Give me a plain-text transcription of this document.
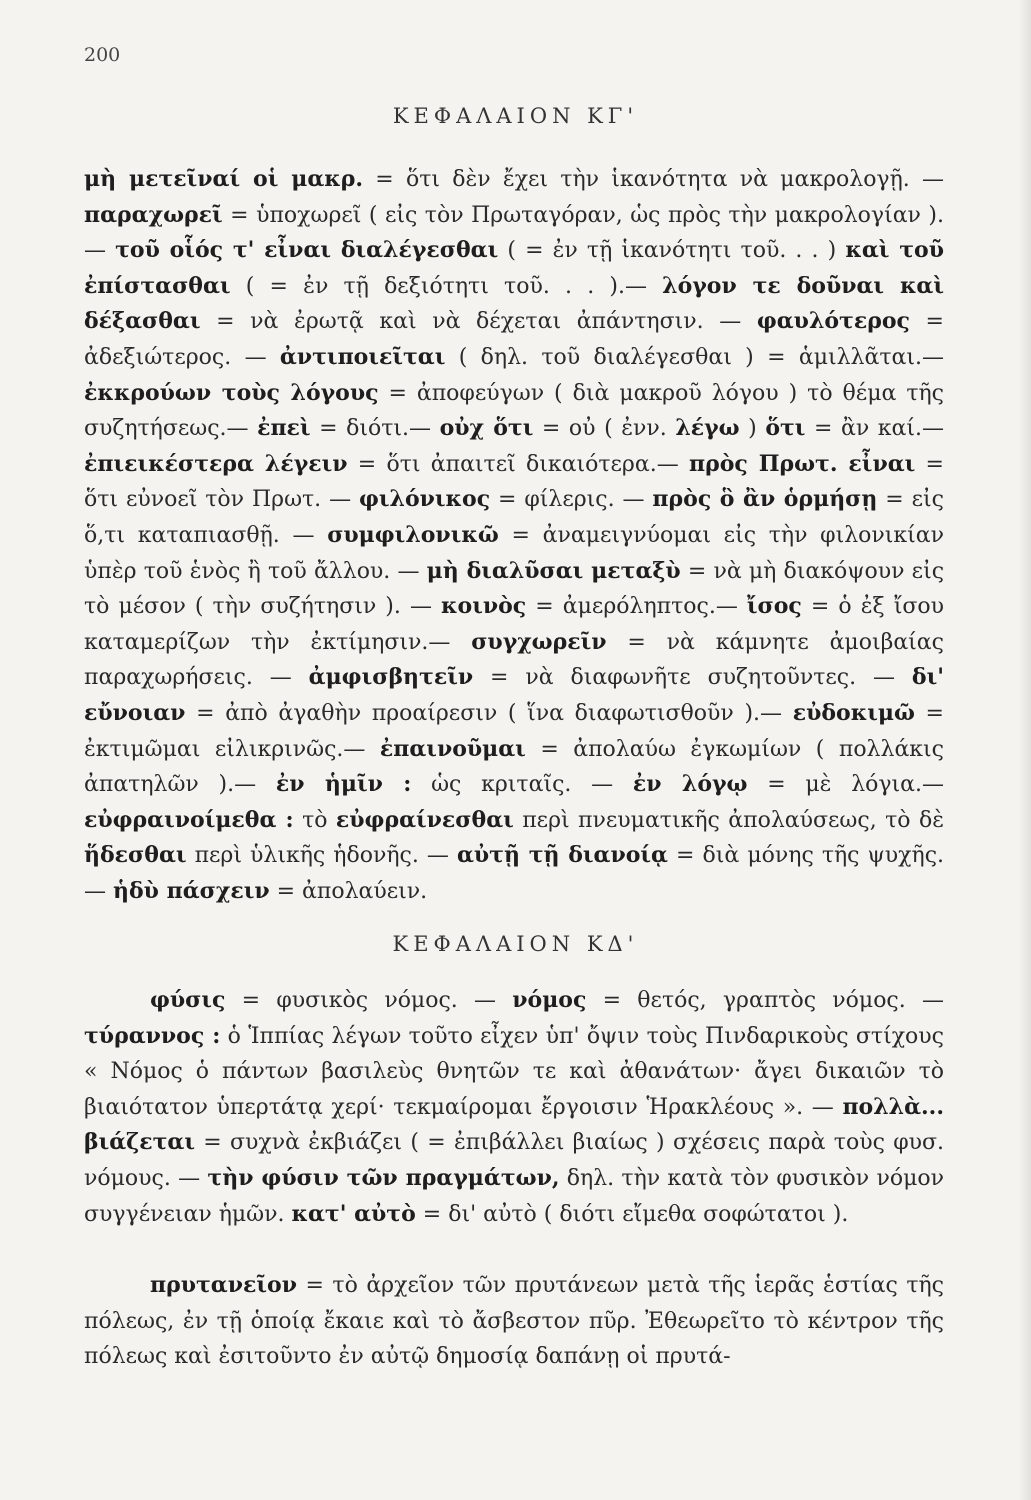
200
ΚΕΦΑΛΑΙΟΝ ΚΓ'

μὴ μετεῖναί οἱ μακρ. = ὅτι δὲν ἔχει τὴν ἱκανότητα νὰ μακρολογῇ. — παραχωρεῖ = ὑποχωρεῖ ( εἰς τὸν Πρωταγόραν, ὡς πρὸς τὴν μακρολογίαν ). — τοῦ οἷός τ' εἶναι διαλέγεσθαι ( = ἐν τῇ ἱκανότητι τοῦ. . . ) καὶ τοῦ ἐπίστασθαι ( = ἐν τῇ δεξιότητι τοῦ. . . ).— λόγον τε δοῦναι καὶ δέξασθαι = νὰ ἐρωτᾷ καὶ νὰ δέχεται ἀπάντησιν. — φαυλότερος = ἀδεξιώτερος. — ἀντιποιεῖται ( δηλ. τοῦ διαλέγεσθαι ) = ἁμιλλᾶται.— ἐκκρούων τοὺς λόγους = ἀποφεύγων ( διὰ μακροῦ λόγου ) τὸ θέμα τῆς συζητήσεως.— ἐπεὶ = διότι.— οὐχ ὅτι = οὐ ( ἐνν. λέγω ) ὅτι = ἂν καί.— ἐπιεικέστερα λέγειν = ὅτι ἀπαιτεῖ δικαιότερα.— πρὸς Πρωτ. εἶναι = ὅτι εὐνοεῖ τὸν Πρωτ. — φιλόνικος = φίλερις. — πρὸς ὃ ἂν ὁρμήσῃ = εἰς ὅ,τι καταπιασθῇ. — συμφιλονικῶ = ἀναμειγνύομαι εἰς τὴν φιλονικίαν ὑπὲρ τοῦ ἑνὸς ἢ τοῦ ἄλλου. — μὴ διαλῦσαι μεταξὺ = νὰ μὴ διακόψουν εἰς τὸ μέσον ( τὴν συζήτησιν ). — κοινὸς = ἀμερόληπτος.— ἴσος = ὁ ἐξ ἴσου καταμερίζων τὴν ἐκτίμησιν.— συγχωρεῖν = νὰ κάμνητε ἀμοιβαίας παραχωρήσεις. — ἀμφισβητεῖν = νὰ διαφωνῆτε συζητοῦντες. — δι' εὔνοιαν = ἀπὸ ἀγαθὴν προαίρεσιν ( ἵνα διαφωτισθοῦν ).— εὐδοκιμῶ = ἐκτιμῶμαι εἰλικρινῶς.— ἐπαινοῦμαι = ἀπολαύω ἐγκωμίων ( πολλάκις ἀπατηλῶν ).— ἐν ἡμῖν : ὡς κριταῖς. — ἐν λόγῳ = μὲ λόγια.— εὐφραινοίμεθα : τὸ εὐφραίνεσθαι περὶ πνευματικῆς ἀπολαύσεως, τὸ δὲ ἥδεσθαι περὶ ὑλικῆς ἡδονῆς. — αὐτῇ τῇ διανοίᾳ = διὰ μόνης τῆς ψυχῆς. — ἡδὺ πάσχειν = ἀπολαύειν.

ΚΕΦΑΛΑΙΟΝ ΚΔ'

φύσις = φυσικὸς νόμος. — νόμος = θετός, γραπτὸς νόμος. — τύραννος : ὁ Ἱππίας λέγων τοῦτο εἶχεν ὑπ' ὄψιν τοὺς Πινδαρικοὺς στίχους « Νόμος ὁ πάντων βασιλεὺς θνητῶν τε καὶ ἀθανάτων· ἄγει δικαιῶν τὸ βιαιότατον ὑπερτάτᾳ χερί· τεκμαίρομαι ἔργοισιν Ἡρακλέους ». — πολλὰ... βιάζεται = συχνὰ ἐκβιάζει ( = ἐπιβάλλει βιαίως ) σχέσεις παρὰ τοὺς φυσ. νόμους. — τὴν φύσιν τῶν πραγμάτων, δηλ. τὴν κατὰ τὸν φυσικὸν νόμον συγγένειαν ἡμῶν. κατ' αὐτὸ = δι' αὐτὸ ( διότι εἴμεθα σοφώτατοι ).

πρυτανεῖον = τὸ ἀρχεῖον τῶν πρυτάνεων μετὰ τῆς ἱερᾶς ἑστίας τῆς πόλεως, ἐν τῇ ὁποίᾳ ἔκαιε καὶ τὸ ἄσβεστον πῦρ. Ἐθεωρεῖτο τὸ κέντρον τῆς πόλεως καὶ ἐσιτοῦντο ἐν αὐτῷ δημοσίᾳ δαπάνῃ οἱ πρυτά-
